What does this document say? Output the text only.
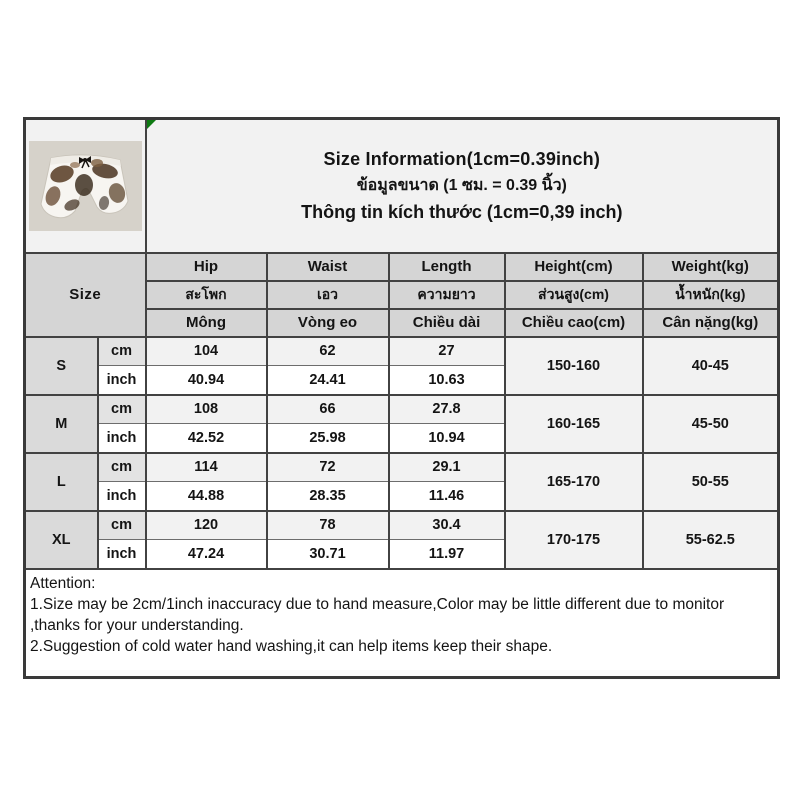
Size Information(1cm=0.39inch)
ข้อมูลขนาด (1 ซม. = 0.39 นิ้ว)
Thông tin kích thước (1cm=0,39 inch)				

Size		Hip	Waist	Length	Height(cm)	Weight(kg)
		สะโพก	เอว	ความยาว	ส่วนสูง(cm)	น้ำหนัก(kg)
		Mông	Vòng eo	Chiều dài	Chiều cao(cm)	Cân nặng(kg)
S	cm	104	62	27	150-160	40-45
	inch	40.94	24.41	10.63		
M	cm	108	66	27.8	160-165	45-50
	inch	42.52	25.98	10.94		
L	cm	114	72	29.1	165-170	50-55
	inch	44.88	28.35	11.46		
XL	cm	120	78	30.4	170-175	55-62.5
	inch	47.24	30.71	11.97		

Attention:
1.Size may be 2cm/1inch inaccuracy due to hand measure,Color may be little different due to monitor ,thanks for your understanding.
2.Suggestion of cold water hand washing,it can help items keep their shape.						
